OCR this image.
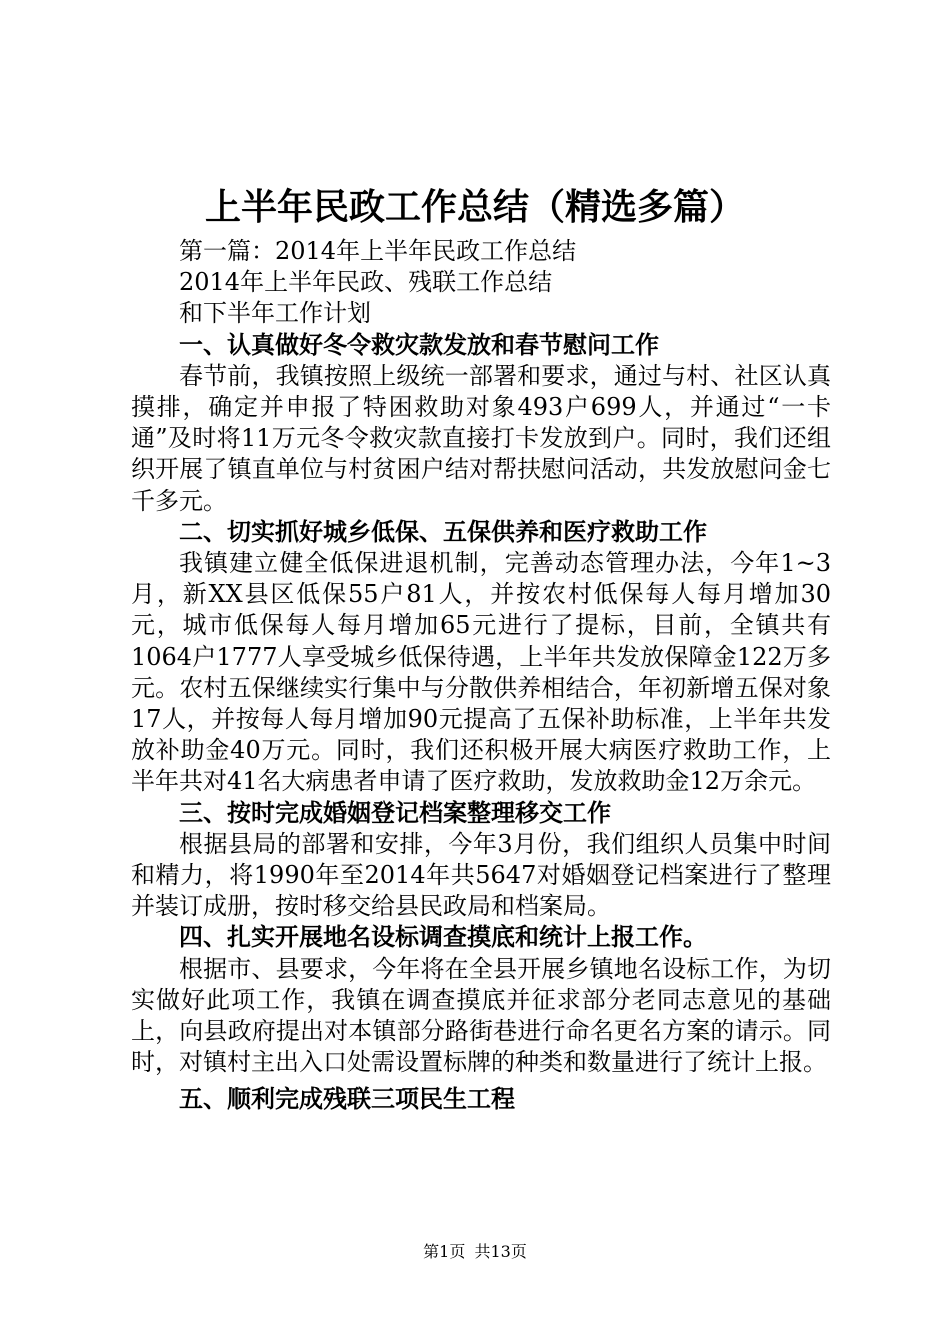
上半年民政工作总结（精选多篇）

第一篇：2014年上半年民政工作总结

2014年上半年民政、残联工作总结

和下半年工作计划

一、认真做好冬令救灾款发放和春节慰问工作

春节前，我镇按照上级统一部署和要求，通过与村、社区认真摸排，确定并申报了特困救助对象493户699人，并通过“一卡通”及时将11万元冬令救灾款直接打卡发放到户。同时，我们还组织开展了镇直单位与村贫困户结对帮扶慰问活动，共发放慰问金七千多元。

二、切实抓好城乡低保、五保供养和医疗救助工作

我镇建立健全低保进退机制，完善动态管理办法，今年1~3月，新XX县区低保55户81人，并按农村低保每人每月增加30元，城市低保每人每月增加65元进行了提标，目前，全镇共有1064户1777人享受城乡低保待遇，上半年共发放保障金122万多元。农村五保继续实行集中与分散供养相结合，年初新增五保对象17人，并按每人每月增加90元提高了五保补助标准，上半年共发放补助金40万元。同时，我们还积极开展大病医疗救助工作，上半年共对41名大病患者申请了医疗救助，发放救助金12万余元。

三、按时完成婚姻登记档案整理移交工作

根据县局的部署和安排，今年3月份，我们组织人员集中时间和精力，将1990年至2014年共5647对婚姻登记档案进行了整理并装订成册，按时移交给县民政局和档案局。

四、扎实开展地名设标调查摸底和统计上报工作。

根据市、县要求，今年将在全县开展乡镇地名设标工作，为切实做好此项工作，我镇在调查摸底并征求部分老同志意见的基础上，向县政府提出对本镇部分路街巷进行命名更名方案的请示。同时，对镇村主出入口处需设置标牌的种类和数量进行了统计上报。

五、顺利完成残联三项民生工程

第1页 共13页
